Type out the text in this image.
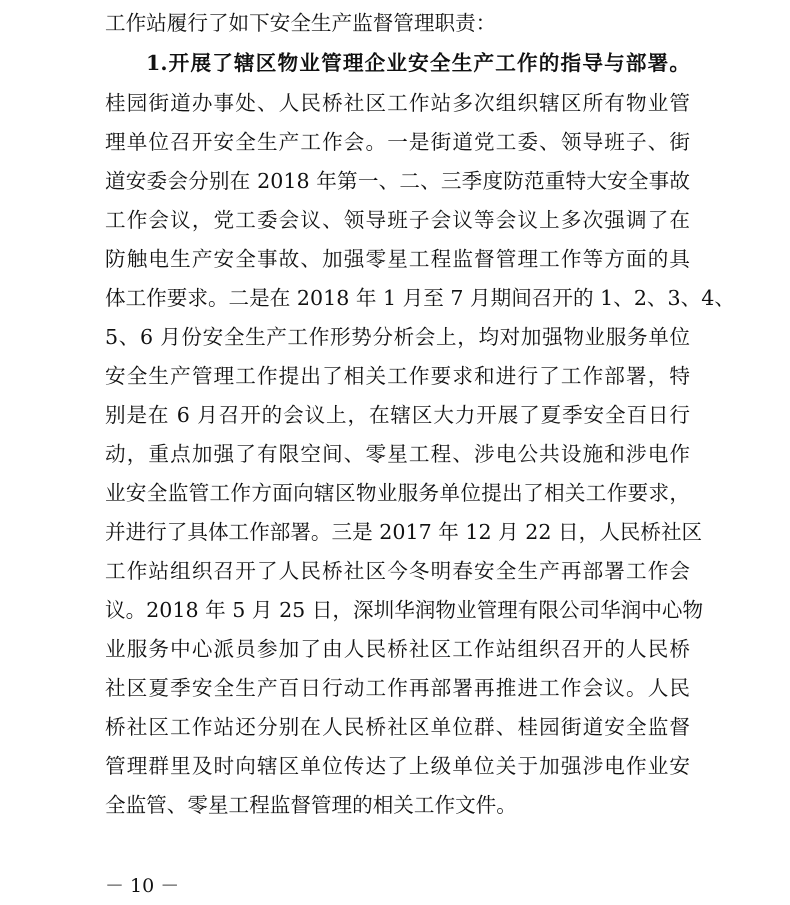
工作站履行了如下安全生产监督管理职责：
1.开展了辖区物业管理企业安全生产工作的指导与部署。
桂园街道办事处、人民桥社区工作站多次组织辖区所有物业管
理单位召开安全生产工作会。一是街道党工委、领导班子、街
道安委会分别在 2018 年第一、二、三季度防范重特大安全事故
工作会议，党工委会议、领导班子会议等会议上多次强调了在
防触电生产安全事故、加强零星工程监督管理工作等方面的具
体工作要求。二是在 2018 年 1 月至 7 月期间召开的 1、2、3、4、
5、6 月份安全生产工作形势分析会上，均对加强物业服务单位
安全生产管理工作提出了相关工作要求和进行了工作部署，特
别是在 6 月召开的会议上，在辖区大力开展了夏季安全百日行
动，重点加强了有限空间、零星工程、涉电公共设施和涉电作
业安全监管工作方面向辖区物业服务单位提出了相关工作要求，
并进行了具体工作部署。三是 2017 年 12 月 22 日，人民桥社区
工作站组织召开了人民桥社区今冬明春安全生产再部署工作会
议。2018 年 5 月 25 日，深圳华润物业管理有限公司华润中心物
业服务中心派员参加了由人民桥社区工作站组织召开的人民桥
社区夏季安全生产百日行动工作再部署再推进工作会议。人民
桥社区工作站还分别在人民桥社区单位群、桂园街道安全监督
管理群里及时向辖区单位传达了上级单位关于加强涉电作业安
全监管、零星工程监督管理的相关工作文件。
－ 10 －
